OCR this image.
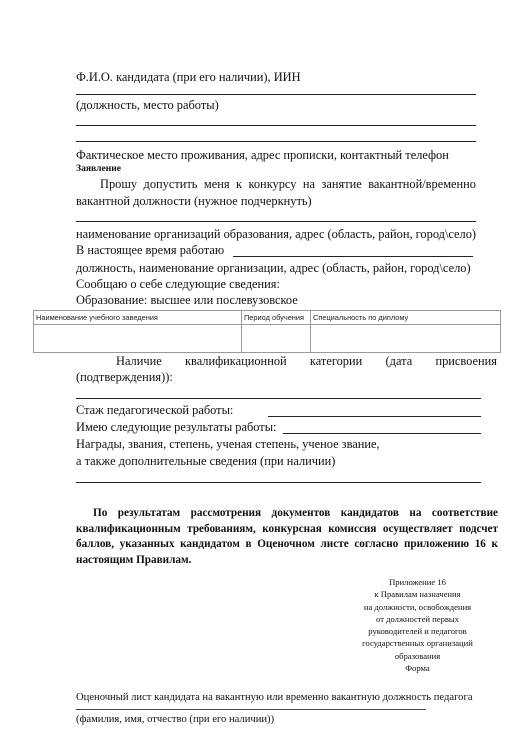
Ф.И.О. кандидата (при его наличии), ИИН
(должность, место работы)
Фактическое место проживания, адрес прописки, контактный телефон
Заявление
Прошу допустить меня к конкурсу на занятие вакантной/временно
вакантной должности (нужное подчеркнуть)
наименование организаций образования, адрес (область, район, город\село)
В настоящее время работаю
должность, наименование организации, адрес (область, район, город\село)
Сообщаю о себе следующие сведения:
Образование: высшее или послевузовское
Наименование учебного заведения	Период обучения Специальность по диплому
Наличие квалификационной категории (дата присвоения
(подтверждения)):
Стаж педагогической работы:
Имею следующие результаты работы:
Награды, звания, степень, ученая степень, ученое звание,
а также дополнительные сведения (при наличии)
По результатам рассмотрения документов кандидатов на соответствие квалификационным требованиям, конкурсная комиссия осуществляет подсчет баллов, указанных кандидатом в Оценочном листе согласно приложению 16 к настоящим Правилам.
Приложение 16
к Правилам назначения
на должности, освобождения
от должностей первых
руководителей и педагогов
государственных организаций
образования
Форма
Оценочный лист кандидата на вакантную или временно вакантную должность педагога
(фамилия, имя, отчество (при его наличии))
